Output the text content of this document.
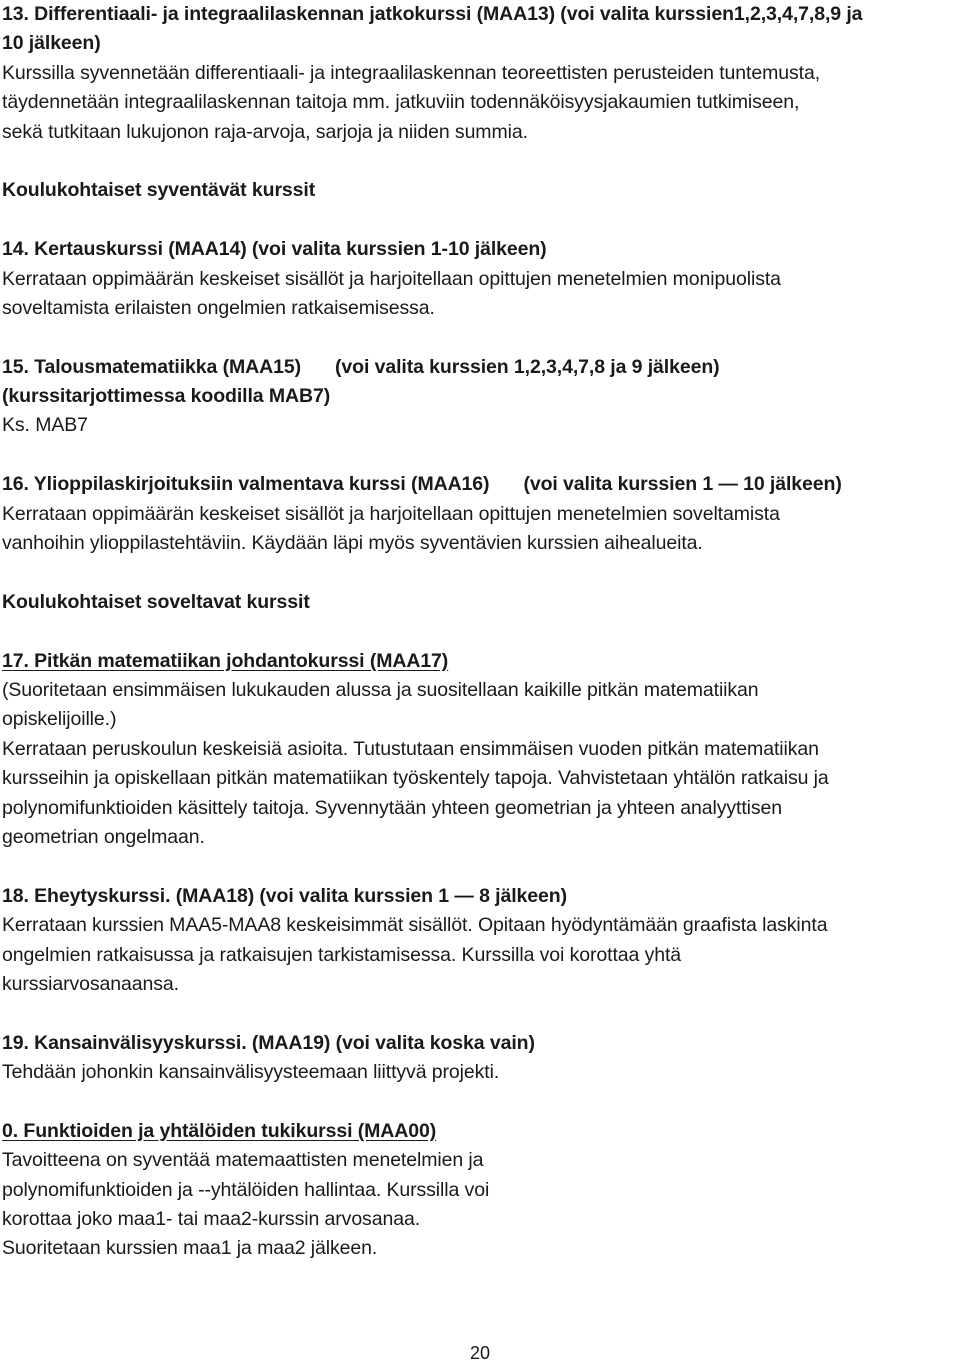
13. Differentiaali- ja integraalilaskennan jatkokurssi (MAA13) (voi valita kurssien1,2,3,4,7,8,9 ja
10 jälkeen)
Kurssilla syvennetään differentiaali- ja integraalilaskennan teoreettisten perusteiden tuntemusta,
täydennetään integraalilaskennan taitoja mm. jatkuviin todennäköisyysjakaumien tutkimiseen,
sekä tutkitaan lukujonon raja-arvoja, sarjoja ja niiden summia.
Koulukohtaiset syventävät kurssit
14. Kertauskurssi (MAA14) (voi valita kurssien 1-10 jälkeen)
Kerrataan oppimäärän keskeiset sisällöt ja harjoitellaan opittujen menetelmien monipuolista
soveltamista erilaisten ongelmien ratkaisemisessa.
15. Talousmatematiikka (MAA15) (voi valita kurssien 1,2,3,4,7,8 ja 9 jälkeen)
(kurssitarjottimessa koodilla MAB7)
Ks. MAB7
16. Ylioppilaskirjoituksiin valmentava kurssi (MAA16) (voi valita kurssien 1 — 10 jälkeen)
Kerrataan oppimäärän keskeiset sisällöt ja harjoitellaan opittujen menetelmien soveltamista
vanhoihin ylioppilastehtäviin. Käydään läpi myös syventävien kurssien aihealueita.
Koulukohtaiset soveltavat kurssit
17. Pitkän matematiikan johdantokurssi (MAA17)
(Suoritetaan ensimmäisen lukukauden alussa ja suositellaan kaikille pitkän matematiikan
opiskelijoille.)
Kerrataan peruskoulun keskeisiä asioita. Tutustutaan ensimmäisen vuoden pitkän matematiikan
kursseihin ja opiskellaan pitkän matematiikan työskentely tapoja. Vahvistetaan yhtälön ratkaisu ja
polynomifunktioiden käsittely taitoja. Syvennytään yhteen geometrian ja yhteen analyyttisen
geometrian ongelmaan.
18. Eheytyskurssi. (MAA18) (voi valita kurssien 1 — 8 jälkeen)
Kerrataan kurssien MAA5-MAA8 keskeisimmät sisällöt. Opitaan hyödyntämään graafista laskinta
ongelmien ratkaisussa ja ratkaisujen tarkistamisessa. Kurssilla voi korottaa yhtä
kurssiarvosanaansa.
19. Kansainvälisyyskurssi. (MAA19) (voi valita koska vain)
Tehdään johonkin kansainvälisyysteemaan liittyvä projekti.
0. Funktioiden ja yhtälöiden tukikurssi (MAA00)
Tavoitteena on syventää matemaattisten menetelmien ja
polynomifunktioiden ja --yhtälöiden hallintaa. Kurssilla voi
korottaa joko maa1- tai maa2-kurssin arvosanaa.
Suoritetaan kurssien maa1 ja maa2 jälkeen.
20
